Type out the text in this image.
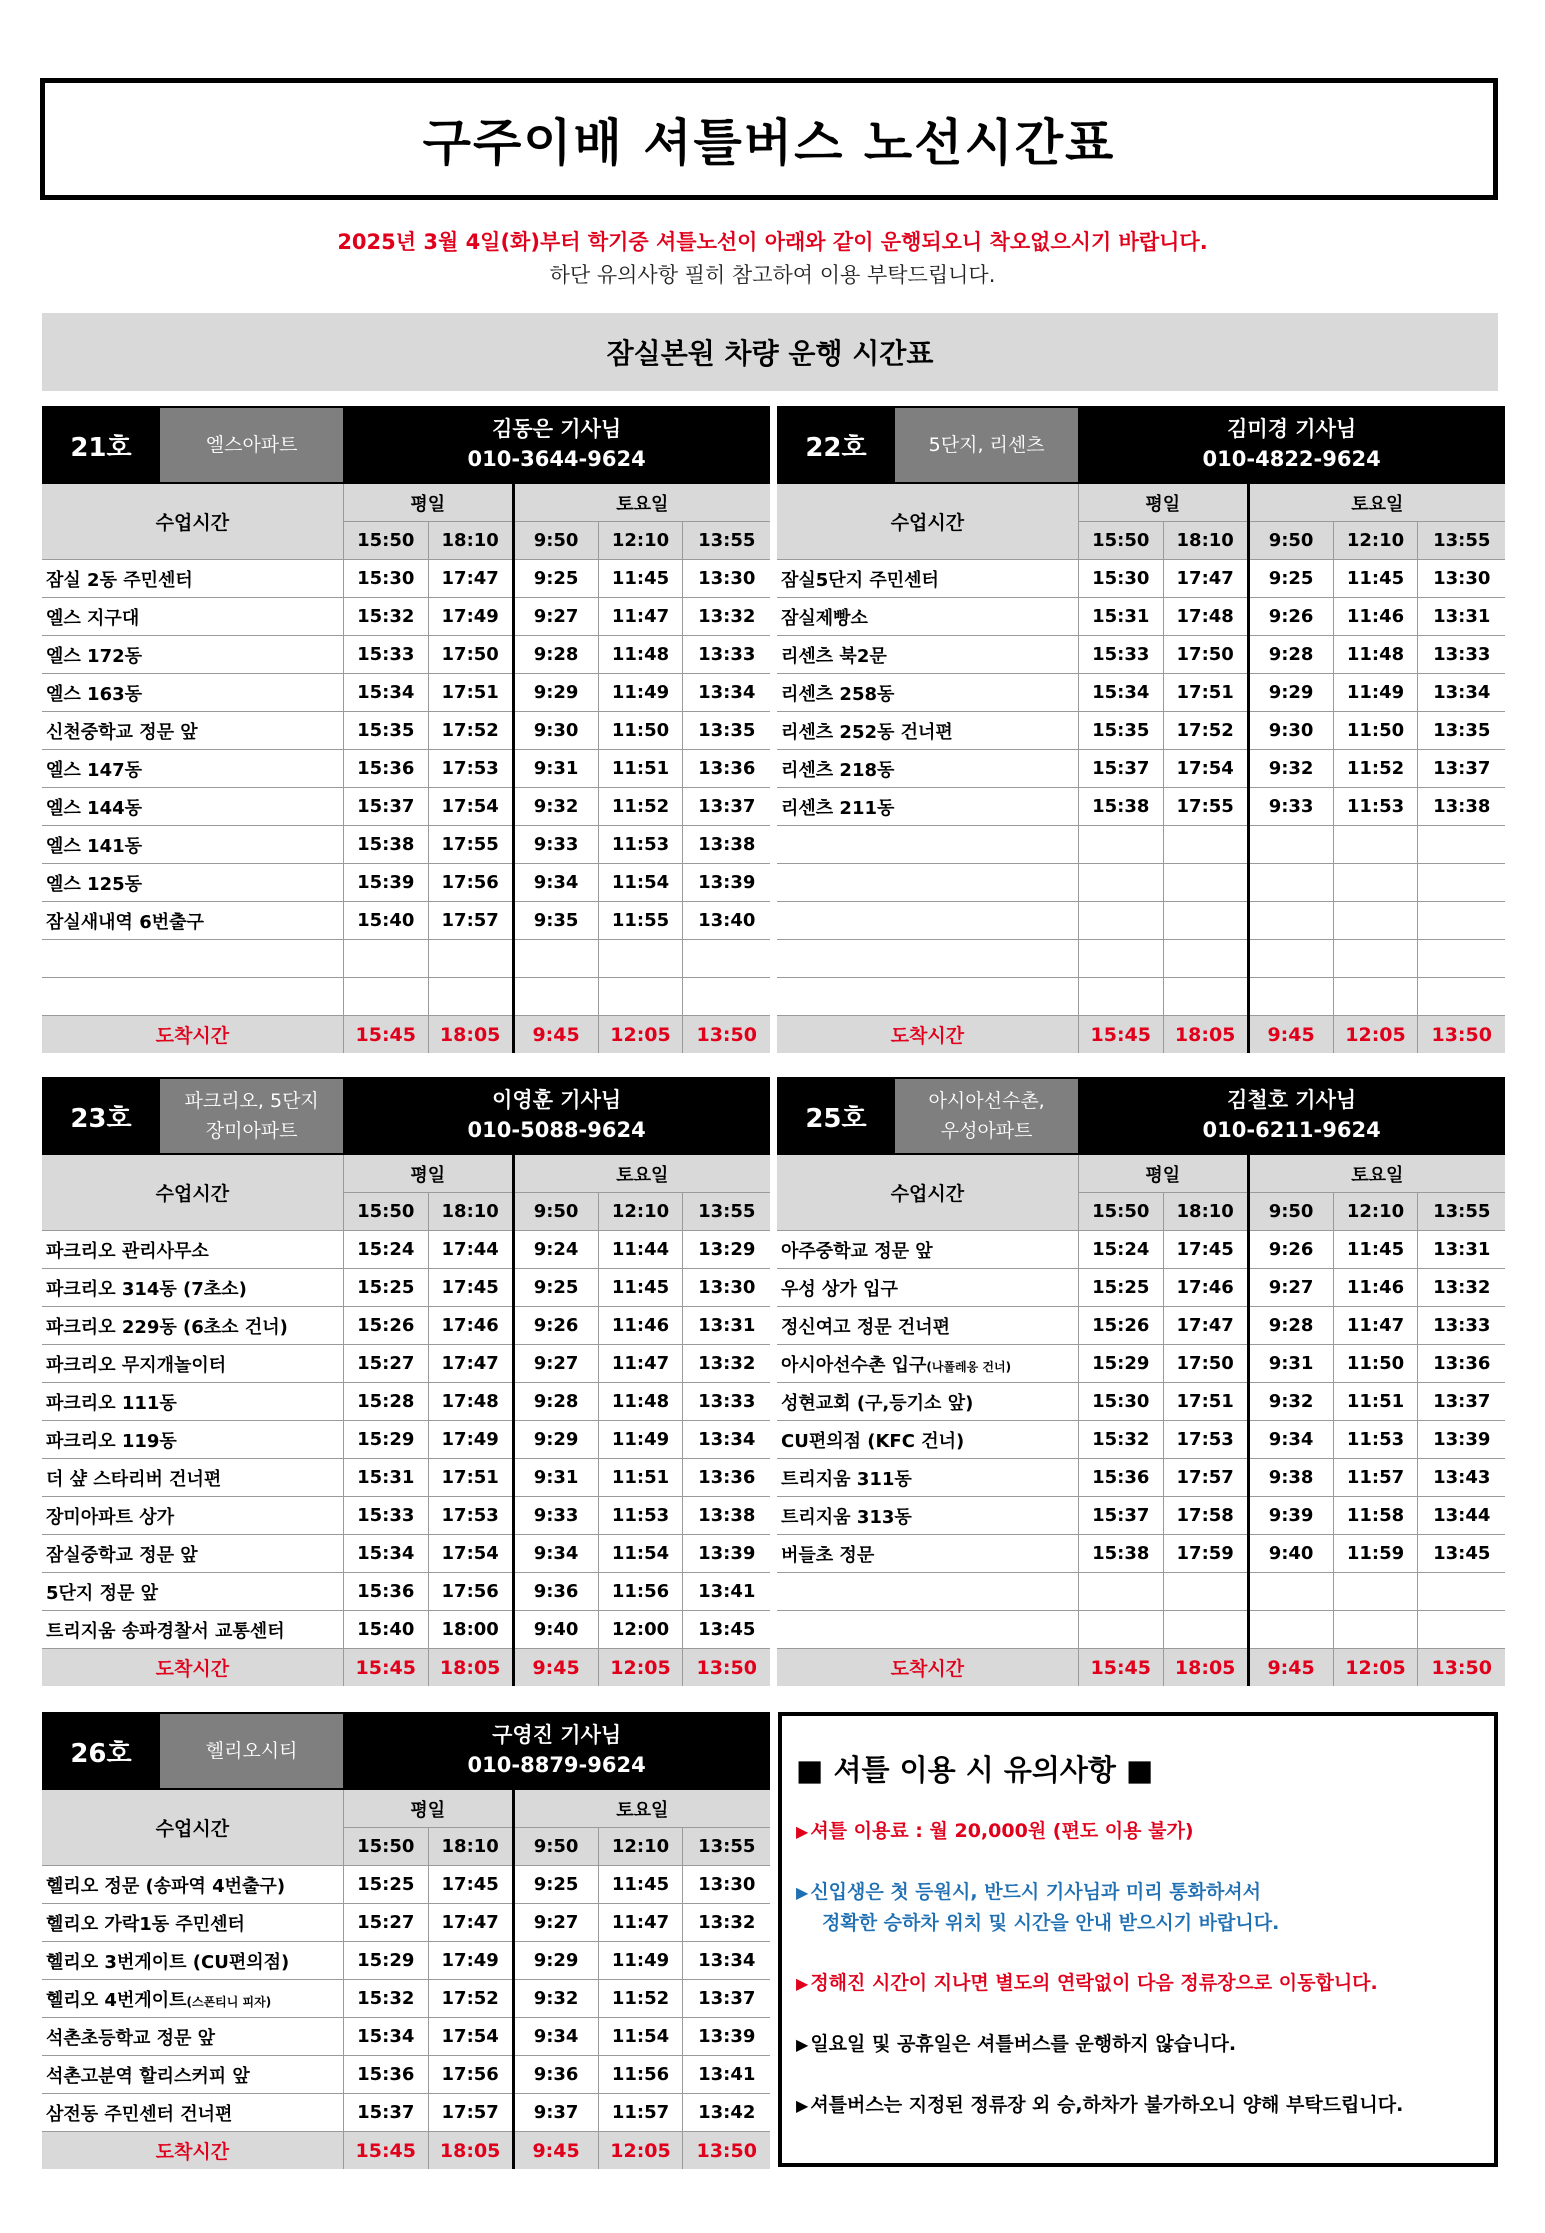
구주이배 셔틀버스 노선시간표
2025년 3월 4일(화)부터 학기중 셔틀노선이 아래와 같이 운행되오니 착오없으시기 바랍니다.
하단 유의사항 필히 참고하여 이용 부탁드립니다.
잠실본원 차량 운행 시간표
21호 엘스아파트	김동은 기사님				
	010-3644-9624				
수업시간	평일		토요일		
	15:50	18:10	9:50	12:10	13:55
잠실 2동 주민센터	15:30	17:47	9:25	11:45	13:30
엘스 지구대	15:32	17:49	9:27	11:47	13:32
엘스 172동	15:33	17:50	9:28	11:48	13:33
엘스 163동	15:34	17:51	9:29	11:49	13:34
신천중학교 정문 앞	15:35	17:52	9:30	11:50	13:35
엘스 147동	15:36	17:53	9:31	11:51	13:36
엘스 144동	15:37	17:54	9:32	11:52	13:37
엘스 141동	15:38	17:55	9:33	11:53	13:38
엘스 125동	15:39	17:56	9:34	11:54	13:39
잠실새내역 6번출구	15:40	17:57	9:35	11:55	13:40

도착시간	15:45	18:05	9:45	12:05	13:50
22호 5단지, 리센츠	김미경 기사님				
	010-4822-9624				
수업시간	평일		토요일		
	15:50	18:10	9:50	12:10	13:55
잠실5단지 주민센터	15:30	17:47	9:25	11:45	13:30
잠실제빵소	15:31	17:48	9:26	11:46	13:31
리센츠 북2문	15:33	17:50	9:28	11:48	13:33
리센츠 258동	15:34	17:51	9:29	11:49	13:34
리센츠 252동 건너편	15:35	17:52	9:30	11:50	13:35
리센츠 218동	15:37	17:54	9:32	11:52	13:37
리센츠 211동	15:38	17:55	9:33	11:53	13:38

도착시간	15:45	18:05	9:45	12:05	13:50
23호
파크리오, 5단지
장미아파트	이영훈 기사님				
	010-5088-9624				
수업시간	평일		토요일		
	15:50	18:10	9:50	12:10	13:55
파크리오 관리사무소	15:24	17:44	9:24	11:44	13:29
파크리오 314동 (7초소)	15:25	17:45	9:25	11:45	13:30
파크리오 229동 (6초소 건너)	15:26	17:46	9:26	11:46	13:31
파크리오 무지개놀이터	15:27	17:47	9:27	11:47	13:32
파크리오 111동	15:28	17:48	9:28	11:48	13:33
파크리오 119동	15:29	17:49	9:29	11:49	13:34
더 샾 스타리버 건너편	15:31	17:51	9:31	11:51	13:36
장미아파트 상가	15:33	17:53	9:33	11:53	13:38
잠실중학교 정문 앞	15:34	17:54	9:34	11:54	13:39
5단지 정문 앞	15:36	17:56	9:36	11:56	13:41
트리지움 송파경찰서 교통센터	15:40	18:00	9:40	12:00	13:45
도착시간	15:45	18:05	9:45	12:05	13:50
25호
아시아선수촌,
우성아파트	김철호 기사님				
	010-6211-9624				
수업시간	평일		토요일		
	15:50	18:10	9:50	12:10	13:55
아주중학교 정문 앞	15:24	17:45	9:26	11:45	13:31
우성 상가 입구	15:25	17:46	9:27	11:46	13:32
정신여고 정문 건너편	15:26	17:47	9:28	11:47	13:33
아시아선수촌 입구(나폴레옹 건너)	15:29	17:50	9:31	11:50	13:36
성현교회 (구,등기소 앞)	15:30	17:51	9:32	11:51	13:37
CU편의점 (KFC 건너)	15:32	17:53	9:34	11:53	13:39
트리지움 311동	15:36	17:57	9:38	11:57	13:43
트리지움 313동	15:37	17:58	9:39	11:58	13:44
버들초 정문	15:38	17:59	9:40	11:59	13:45

도착시간	15:45	18:05	9:45	12:05	13:50
26호 헬리오시티	구영진 기사님				
	010-8879-9624				
수업시간	평일		토요일		
	15:50	18:10	9:50	12:10	13:55
헬리오 정문 (송파역 4번출구)	15:25	17:45	9:25	11:45	13:30
헬리오 가락1동 주민센터	15:27	17:47	9:27	11:47	13:32
헬리오 3번게이트 (CU편의점)	15:29	17:49	9:29	11:49	13:34
헬리오 4번게이트(스폰티니 피자)	15:32	17:52	9:32	11:52	13:37
석촌초등학교 정문 앞	15:34	17:54	9:34	11:54	13:39
석촌고분역 할리스커피 앞	15:36	17:56	9:36	11:56	13:41
삼전동 주민센터 건너편	15:37	17:57	9:37	11:57	13:42
도착시간	15:45	18:05	9:45	12:05	13:50
■ 셔틀 이용 시 유의사항 ■
▶ 셔틀 이용료 : 월 20,000원 (편도 이용 불가)
▶ 신입생은 첫 등원시, 반드시 기사님과 미리 통화하셔서
정확한 승하차 위치 및 시간을 안내 받으시기 바랍니다.
▶ 정해진 시간이 지나면 별도의 연락없이 다음 정류장으로 이동합니다.
▶ 일요일 및 공휴일은 셔틀버스를 운행하지 않습니다.
▶ 셔틀버스는 지정된 정류장 외 승,하차가 불가하오니 양해 부탁드립니다.
